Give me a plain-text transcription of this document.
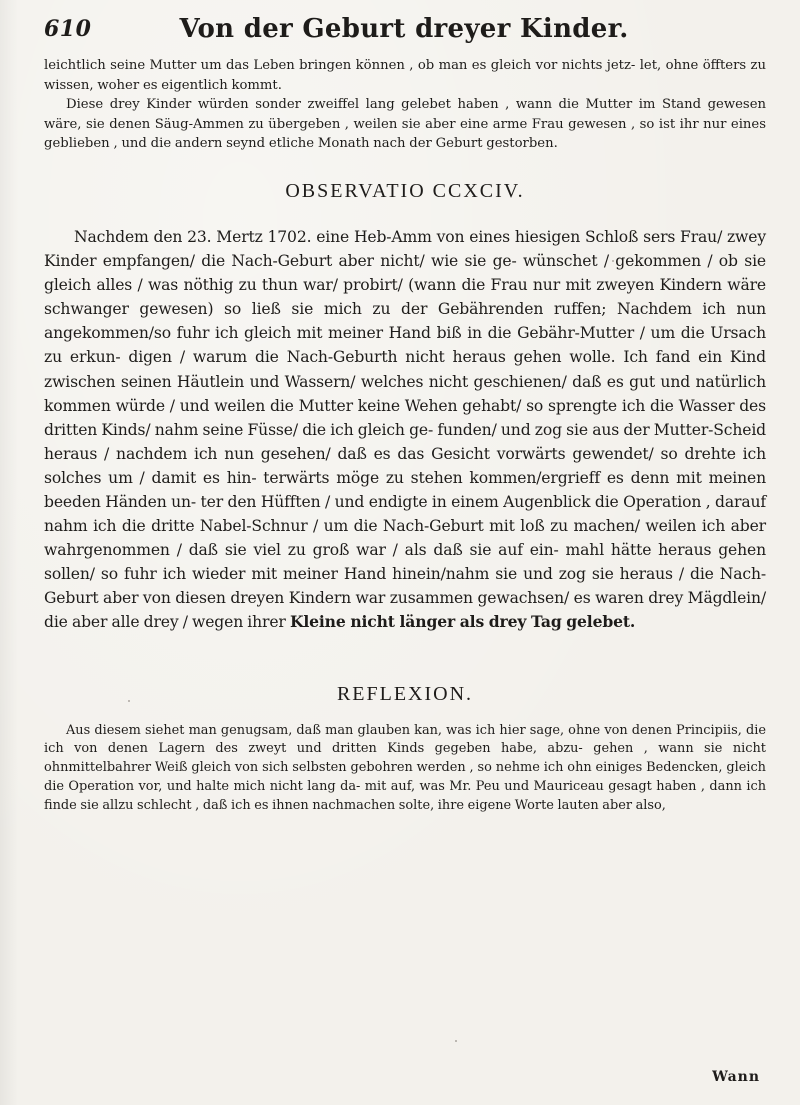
610	Von der Geburt dreyer Kinder.

leichtlich seine Mutter um das Leben bringen können , ob man es gleich vor nichts jetz- let, ohne öffters zu wissen, woher es eigentlich kommt.

Diese drey Kinder würden sonder zweiffel lang gelebet haben , wann die Mutter im Stand gewesen wäre, sie denen Säug-Ammen zu übergeben , weilen sie aber eine arme Frau gewesen , so ist ihr nur eines geblieben , und die andern seynd etliche Monath nach der Geburt gestorben.

OBSERVATIO CCXCIV.

Nachdem den 23. Mertz 1702. eine Heb-Amm von eines hiesigen Schloß sers Frau/ zwey Kinder empfangen/ die Nach-Geburt aber nicht/ wie sie ge- wünschet / gekommen / ob sie gleich alles / was nöthig zu thun war/ probirt/ (wann die Frau nur mit zweyen Kindern wäre schwanger gewesen) so ließ sie mich zu der Gebährenden ruffen; Nachdem ich nun angekommen/so fuhr ich gleich mit meiner Hand biß in die Gebähr-Mutter / um die Ursach zu erkun- digen / warum die Nach-Geburth nicht heraus gehen wolle. Ich fand ein Kind zwischen seinen Häutlein und Wassern/ welches nicht geschienen/ daß es gut und natürlich kommen würde / und weilen die Mutter keine Wehen gehabt/ so sprengte ich die Wasser des dritten Kinds/ nahm seine Füsse/ die ich gleich ge- funden/ und zog sie aus der Mutter-Scheid heraus / nachdem ich nun gesehen/ daß es das Gesicht vorwärts gewendet/ so drehte ich solches um / damit es hin- terwärts möge zu stehen kommen/ergrieff es denn mit meinen beeden Händen un- ter den Hüfften / und endigte in einem Augenblick die Operation , darauf nahm ich die dritte Nabel-Schnur / um die Nach-Geburt mit loß zu machen/ weilen ich aber wahrgenommen / daß sie viel zu groß war / als daß sie auf ein- mahl hätte heraus gehen sollen/ so fuhr ich wieder mit meiner Hand hinein/nahm sie und zog sie heraus / die Nach-Geburt aber von diesen dreyen Kindern war zusammen gewachsen/ es waren drey Mägdlein/ die aber alle drey / wegen ihrer Kleine nicht länger als drey Tag gelebet.

REFLEXION.

Aus diesem siehet man genugsam, daß man glauben kan, was ich hier sage, ohne von denen Principiis, die ich von denen Lagern des zweyt und dritten Kinds gegeben habe, abzu- gehen , wann sie nicht ohnmittelbahrer Weiß gleich von sich selbsten gebohren werden , so nehme ich ohn einiges Bedencken, gleich die Operation vor, und halte mich nicht lang da- mit auf, was Mr. Peu und Mauriceau gesagt haben , dann ich finde sie allzu schlecht , daß ich es ihnen nachmachen solte, ihre eigene Worte lauten aber also,

Wann
